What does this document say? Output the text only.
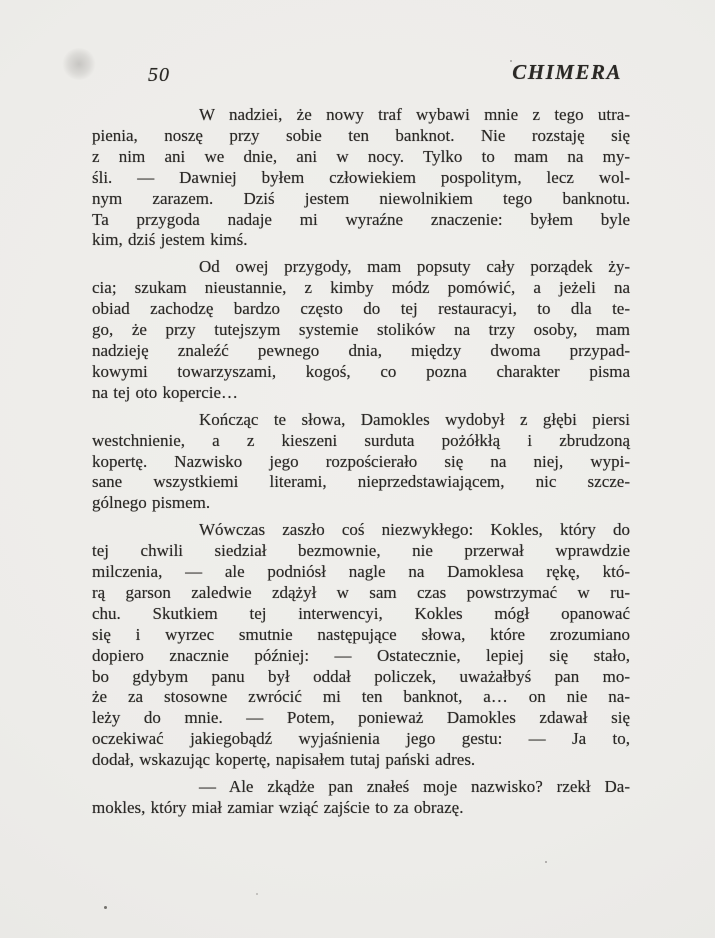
50	CHIMERA
W nadziei, że nowy traf wybawi mnie z tego utra-
pienia, noszę przy sobie ten banknot. Nie rozstaję się
z nim ani we dnie, ani w nocy. Tylko to mam na my-
śli. — Dawniej byłem człowiekiem pospolitym, lecz wol-
nym zarazem. Dziś jestem niewolnikiem tego banknotu.
Ta przygoda nadaje mi wyraźne znaczenie: byłem byle
kim, dziś jestem kimś.
Od owej przygody, mam popsuty cały porządek ży-
cia; szukam nieustannie, z kimby módz pomówić, a jeżeli na
obiad zachodzę bardzo często do tej restauracyi, to dla te-
go, że przy tutejszym systemie stolików na trzy osoby, mam
nadzieję znaleźć pewnego dnia, między dwoma przypad-
kowymi towarzyszami, kogoś, co pozna charakter pisma
na tej oto kopercie…
Kończąc te słowa, Damokles wydobył z głębi piersi
westchnienie, a z kieszeni surduta pożółkłą i zbrudzoną
kopertę. Nazwisko jego rozpościerało się na niej, wypi-
sane wszystkiemi literami, nieprzedstawiającem, nic szcze-
gólnego pismem.
Wówczas zaszło coś niezwykłego: Kokles, który do
tej chwili siedział bezmownie, nie przerwał wprawdzie
milczenia, — ale podniósł nagle na Damoklesa rękę, któ-
rą garson zaledwie zdążył w sam czas powstrzymać w ru-
chu. Skutkiem tej interwencyi, Kokles mógł opanować
się i wyrzec smutnie następujące słowa, które zrozumiano
dopiero znacznie później: — Ostatecznie, lepiej się stało,
bo gdybym panu był oddał policzek, uważałbyś pan mo-
że za stosowne zwrócić mi ten banknot, a… on nie na-
leży do mnie. — Potem, ponieważ Damokles zdawał się
oczekiwać jakiegobądź wyjaśnienia jego gestu: — Ja to,
dodał, wskazując kopertę, napisałem tutaj pański adres.
— Ale zkądże pan znałeś moje nazwisko? rzekł Da-
mokles, który miał zamiar wziąć zajście to za obrazę.
